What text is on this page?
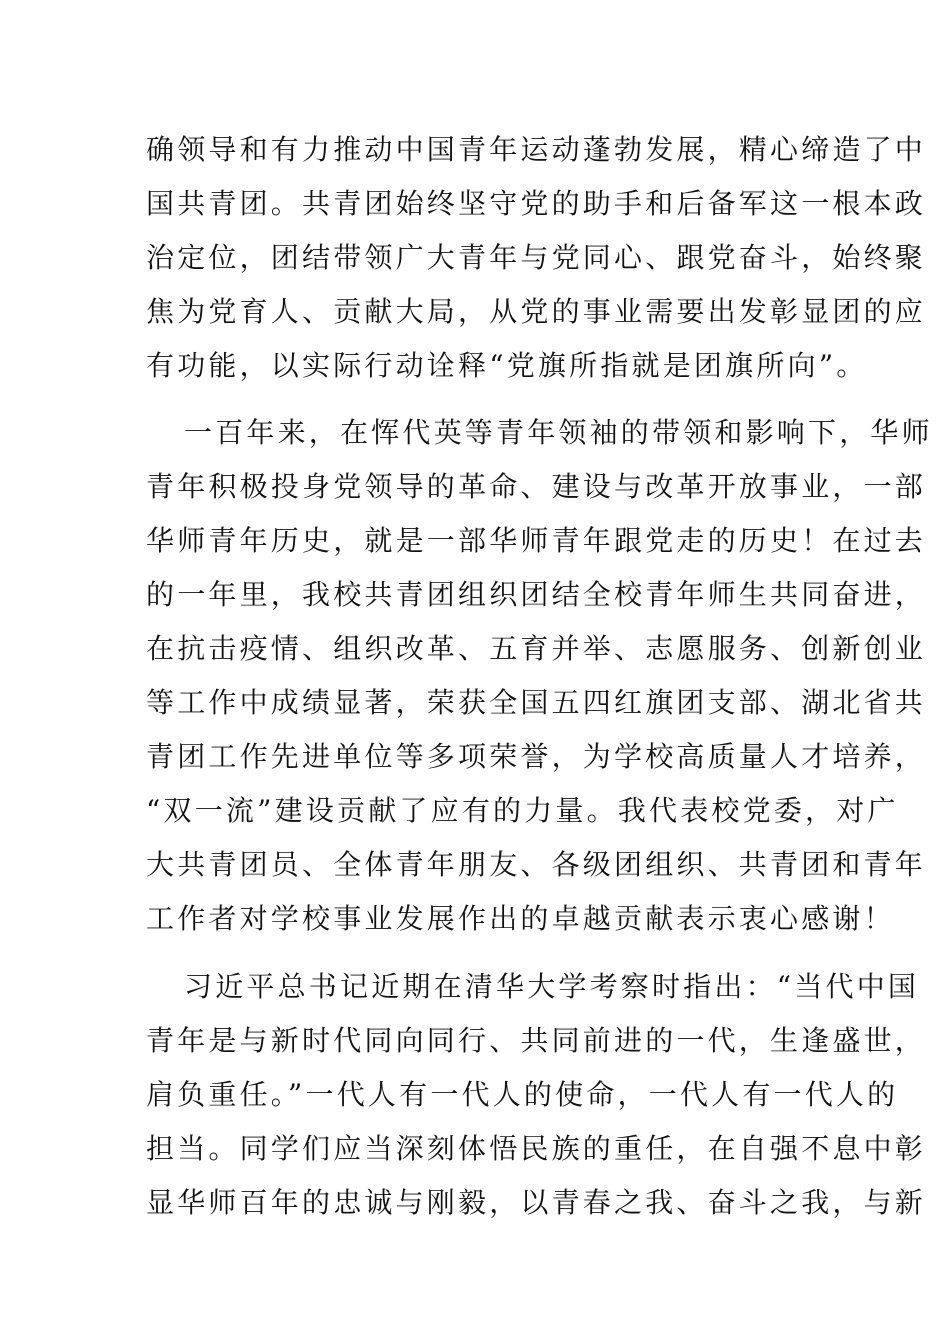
确领导和有力推动中国青年运动蓬勃发展，精心缔造了中
国共青团。共青团始终坚守党的助手和后备军这一根本政
治定位，团结带领广大青年与党同心、跟党奋斗，始终聚
焦为党育人、贡献大局，从党的事业需要出发彰显团的应
有功能，以实际行动诠释“党旗所指就是团旗所向”。
一百年来，在恽代英等青年领袖的带领和影响下，华师
青年积极投身党领导的革命、建设与改革开放事业，一部
华师青年历史，就是一部华师青年跟党走的历史！在过去
的一年里，我校共青团组织团结全校青年师生共同奋进，
在抗击疫情、组织改革、五育并举、志愿服务、创新创业
等工作中成绩显著，荣获全国五四红旗团支部、湖北省共
青团工作先进单位等多项荣誉，为学校高质量人才培养，
“双一流”建设贡献了应有的力量。我代表校党委，对广
大共青团员、全体青年朋友、各级团组织、共青团和青年
工作者对学校事业发展作出的卓越贡献表示衷心感谢！
习近平总书记近期在清华大学考察时指出：“当代中国
青年是与新时代同向同行、共同前进的一代，生逢盛世，
肩负重任。”一代人有一代人的使命，一代人有一代人的
担当。同学们应当深刻体悟民族的重任，在自强不息中彰
显华师百年的忠诚与刚毅，以青春之我、奋斗之我，与新
